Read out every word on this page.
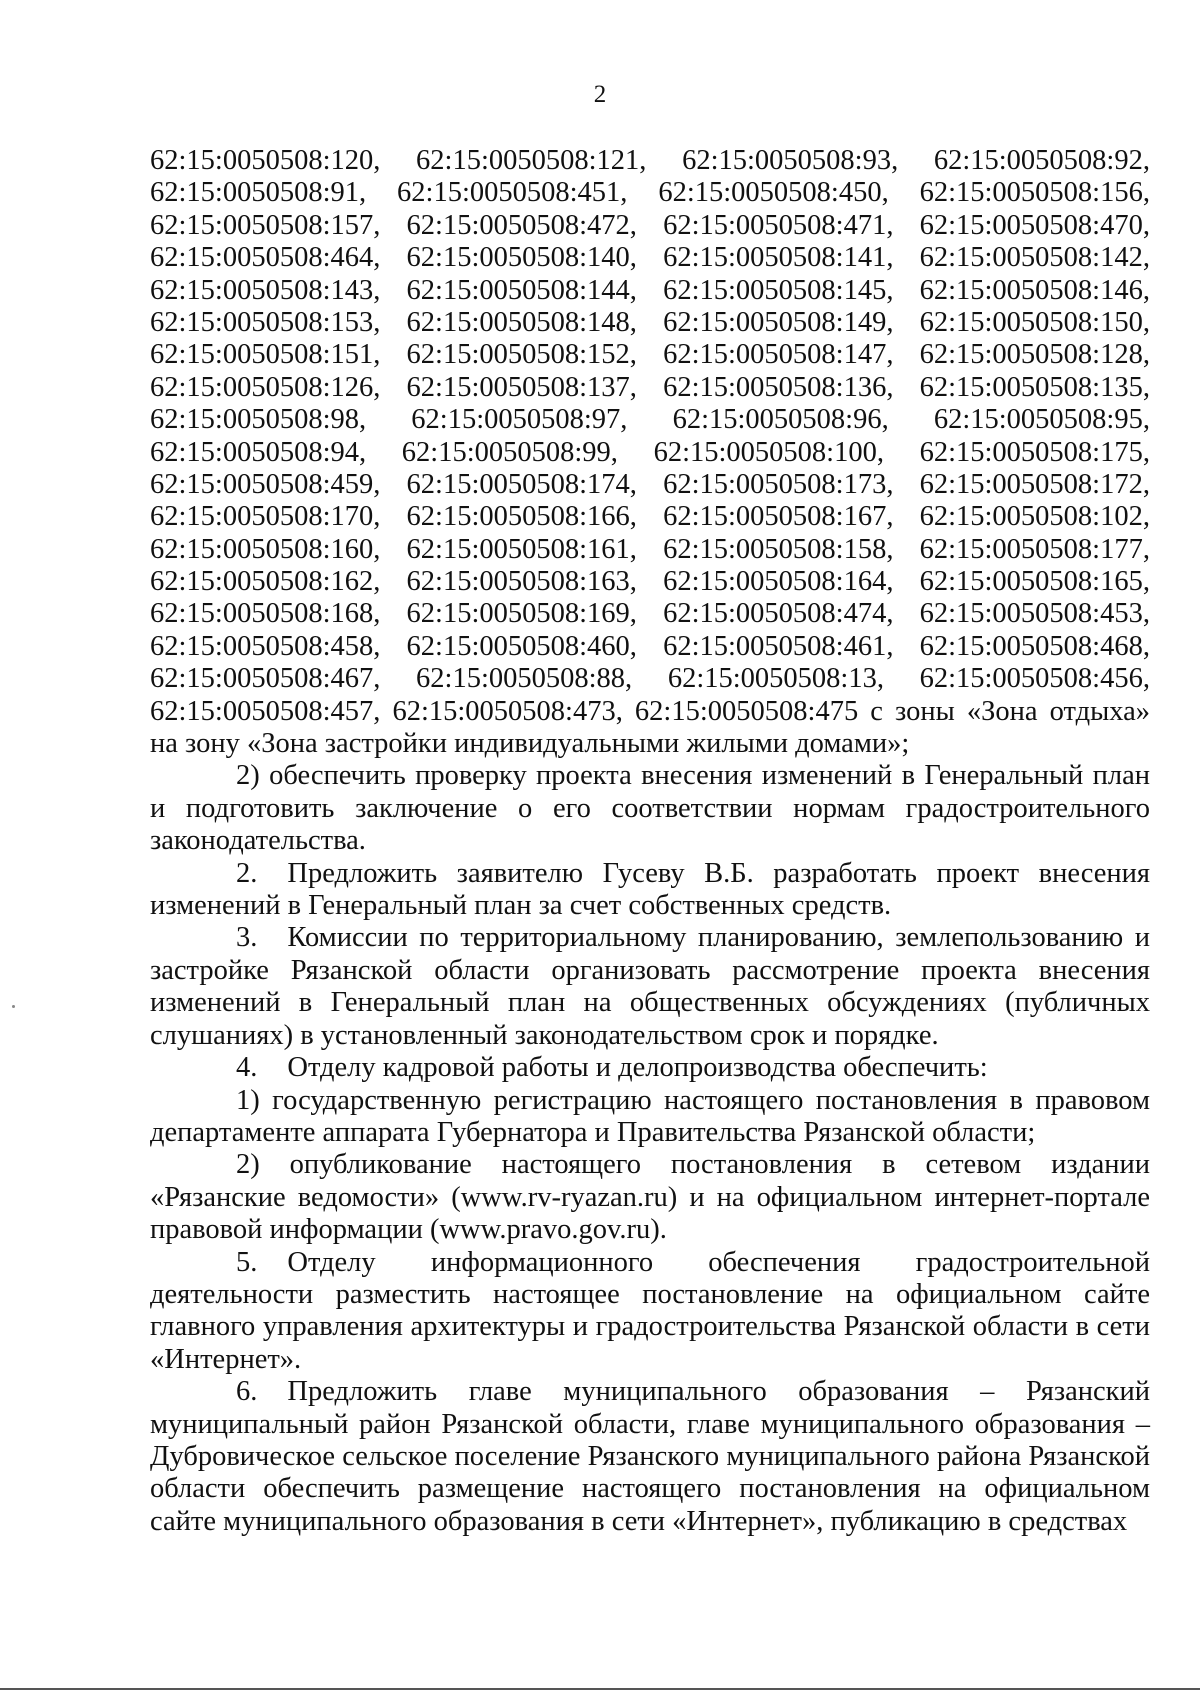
2
62:15:0050508:120, 62:15:0050508:121, 62:15:0050508:93, 62:15:0050508:92,
62:15:0050508:91, 62:15:0050508:451, 62:15:0050508:450, 62:15:0050508:156,
62:15:0050508:157, 62:15:0050508:472, 62:15:0050508:471, 62:15:0050508:470,
62:15:0050508:464, 62:15:0050508:140, 62:15:0050508:141, 62:15:0050508:142,
62:15:0050508:143, 62:15:0050508:144, 62:15:0050508:145, 62:15:0050508:146,
62:15:0050508:153, 62:15:0050508:148, 62:15:0050508:149, 62:15:0050508:150,
62:15:0050508:151, 62:15:0050508:152, 62:15:0050508:147, 62:15:0050508:128,
62:15:0050508:126, 62:15:0050508:137, 62:15:0050508:136, 62:15:0050508:135,
62:15:0050508:98, 62:15:0050508:97, 62:15:0050508:96, 62:15:0050508:95,
62:15:0050508:94, 62:15:0050508:99, 62:15:0050508:100, 62:15:0050508:175,
62:15:0050508:459, 62:15:0050508:174, 62:15:0050508:173, 62:15:0050508:172,
62:15:0050508:170, 62:15:0050508:166, 62:15:0050508:167, 62:15:0050508:102,
62:15:0050508:160, 62:15:0050508:161, 62:15:0050508:158, 62:15:0050508:177,
62:15:0050508:162, 62:15:0050508:163, 62:15:0050508:164, 62:15:0050508:165,
62:15:0050508:168, 62:15:0050508:169, 62:15:0050508:474, 62:15:0050508:453,
62:15:0050508:458, 62:15:0050508:460, 62:15:0050508:461, 62:15:0050508:468,
62:15:0050508:467, 62:15:0050508:88, 62:15:0050508:13, 62:15:0050508:456,

62:15:0050508:457, 62:15:0050508:473, 62:15:0050508:475 с зоны «Зона отдыха» на зону «Зона застройки индивидуальными жилыми домами»;

2) обеспечить проверку проекта внесения изменений в Генеральный план и подготовить заключение о его соответствии нормам градостроительного законодательства.

2. Предложить заявителю Гусеву В.Б. разработать проект внесения изменений в Генеральный план за счет собственных средств.

3. Комиссии по территориальному планированию, землепользованию и застройке Рязанской области организовать рассмотрение проекта внесения изменений в Генеральный план на общественных обсуждениях (публичных слушаниях) в установленный законодательством срок и порядке.

4. Отделу кадровой работы и делопроизводства обеспечить:

1) государственную регистрацию настоящего постановления в правовом департаменте аппарата Губернатора и Правительства Рязанской области;

2) опубликование настоящего постановления в сетевом издании «Рязанские ведомости» (www.rv-ryazan.ru) и на официальном интернет-портале правовой информации (www.pravo.gov.ru).

5. Отделу информационного обеспечения градостроительной деятельности разместить настоящее постановление на официальном сайте главного управления архитектуры и градостроительства Рязанской области в сети «Интернет».

6. Предложить главе муниципального образования – Рязанский муниципальный район Рязанской области, главе муниципального образования – Дубровическое сельское поселение Рязанского муниципального района Рязанской области обеспечить размещение настоящего постановления на официальном сайте муниципального образования в сети «Интернет», публикацию в средствах
